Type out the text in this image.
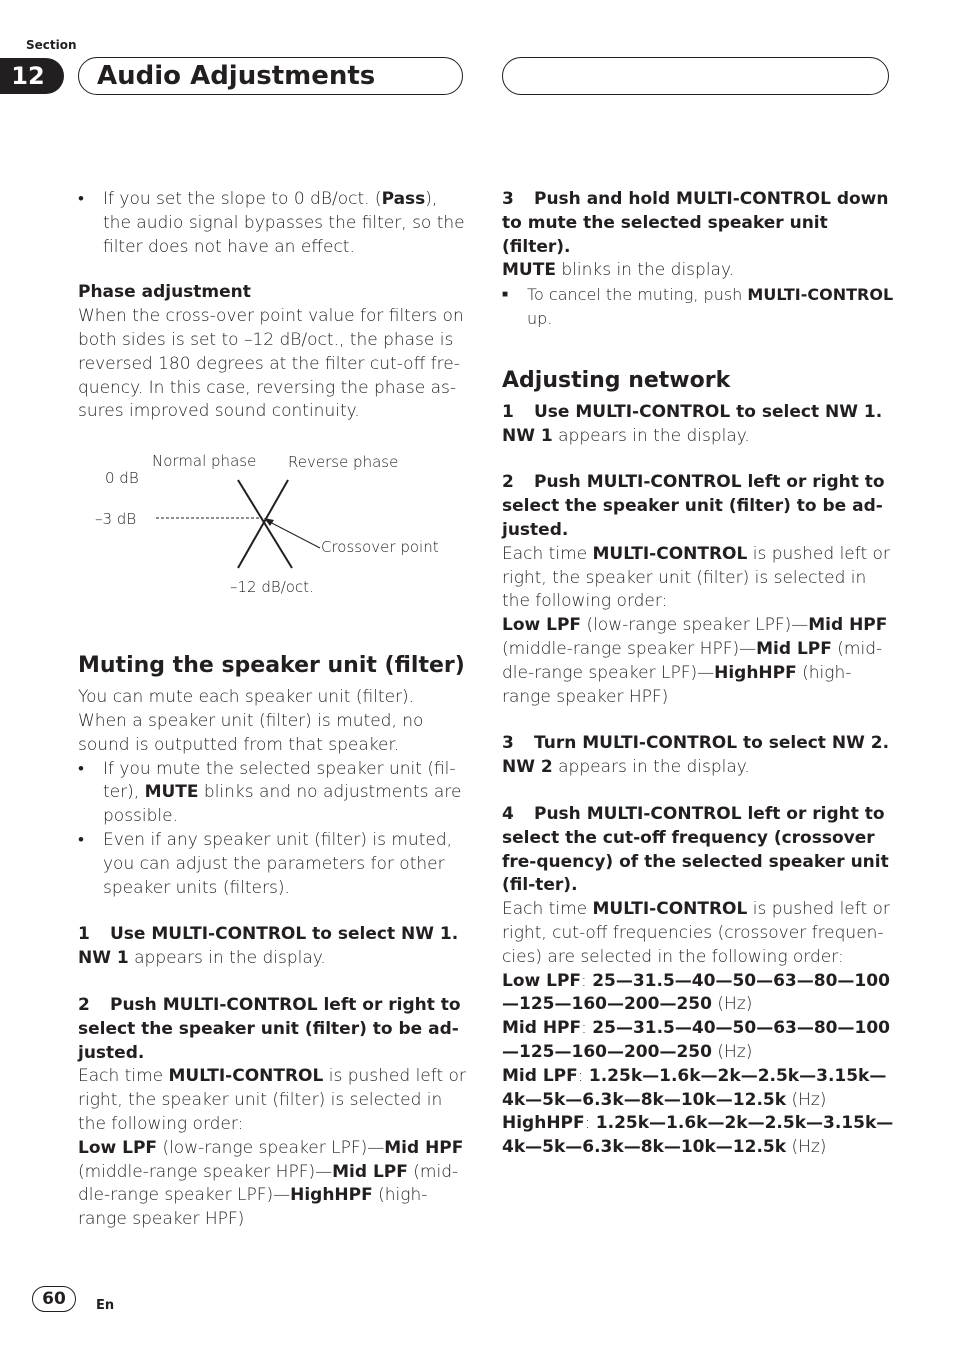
Section
12	Audio Adjustments

• If you set the slope to 0 dB/oct. (Pass), the audio signal bypasses the filter, so the filter does not have an effect.

Phase adjustment

When the cross-over point value for filters on both sides is set to –12 dB/oct., the phase is reversed 180 degrees at the filter cut-off fre-quency. In this case, reversing the phase as-sures improved sound continuity.

Normal phase Reverse phase
0 dB
–3 dB
Crossover point
–12 dB/oct.

Muting the speaker unit (filter)

You can mute each speaker unit (filter). When a speaker unit (filter) is muted, no sound is outputted from that speaker.

• If you mute the selected speaker unit (fil-ter), MUTE blinks and no adjustments are possible.

• Even if any speaker unit (filter) is muted, you can adjust the parameters for other speaker units (filters).

1 Use MULTI-CONTROL to select NW 1.

NW 1 appears in the display.

2 Push MULTI-CONTROL left or right to select the speaker unit (filter) to be ad-justed.

Each time MULTI-CONTROL is pushed left or right, the speaker unit (filter) is selected in the following order:

Low LPF (low-range speaker LPF)—Mid HPF (middle-range speaker HPF)—Mid LPF (mid-dle-range speaker LPF)—HighHPF (high-range speaker HPF)

3 Push and hold MULTI-CONTROL down to mute the selected speaker unit (filter).

MUTE blinks in the display.

■ To cancel the muting, push MULTI-CONTROL up.

Adjusting network

1 Use MULTI-CONTROL to select NW 1.

NW 1 appears in the display.

2 Push MULTI-CONTROL left or right to select the speaker unit (filter) to be ad-justed.

Each time MULTI-CONTROL is pushed left or right, the speaker unit (filter) is selected in the following order:

Low LPF (low-range speaker LPF)—Mid HPF (middle-range speaker HPF)—Mid LPF (mid-dle-range speaker LPF)—HighHPF (high-range speaker HPF)

3 Turn MULTI-CONTROL to select NW 2.

NW 2 appears in the display.

4 Push MULTI-CONTROL left or right to select the cut-off frequency (crossover fre-quency) of the selected speaker unit (fil-ter).

Each time MULTI-CONTROL is pushed left or right, cut-off frequencies (crossover frequen-cies) are selected in the following order:

Low LPF: 25—31.5—40—50—63—80—100—125—160—200—250 (Hz)

Mid HPF: 25—31.5—40—50—63—80—100—125—160—200—250 (Hz)

Mid LPF: 1.25k—1.6k—2k—2.5k—3.15k—4k—5k—6.3k—8k—10k—12.5k (Hz)

HighHPF: 1.25k—1.6k—2k—2.5k—3.15k—4k—5k—6.3k—8k—10k—12.5k (Hz)

60	En
